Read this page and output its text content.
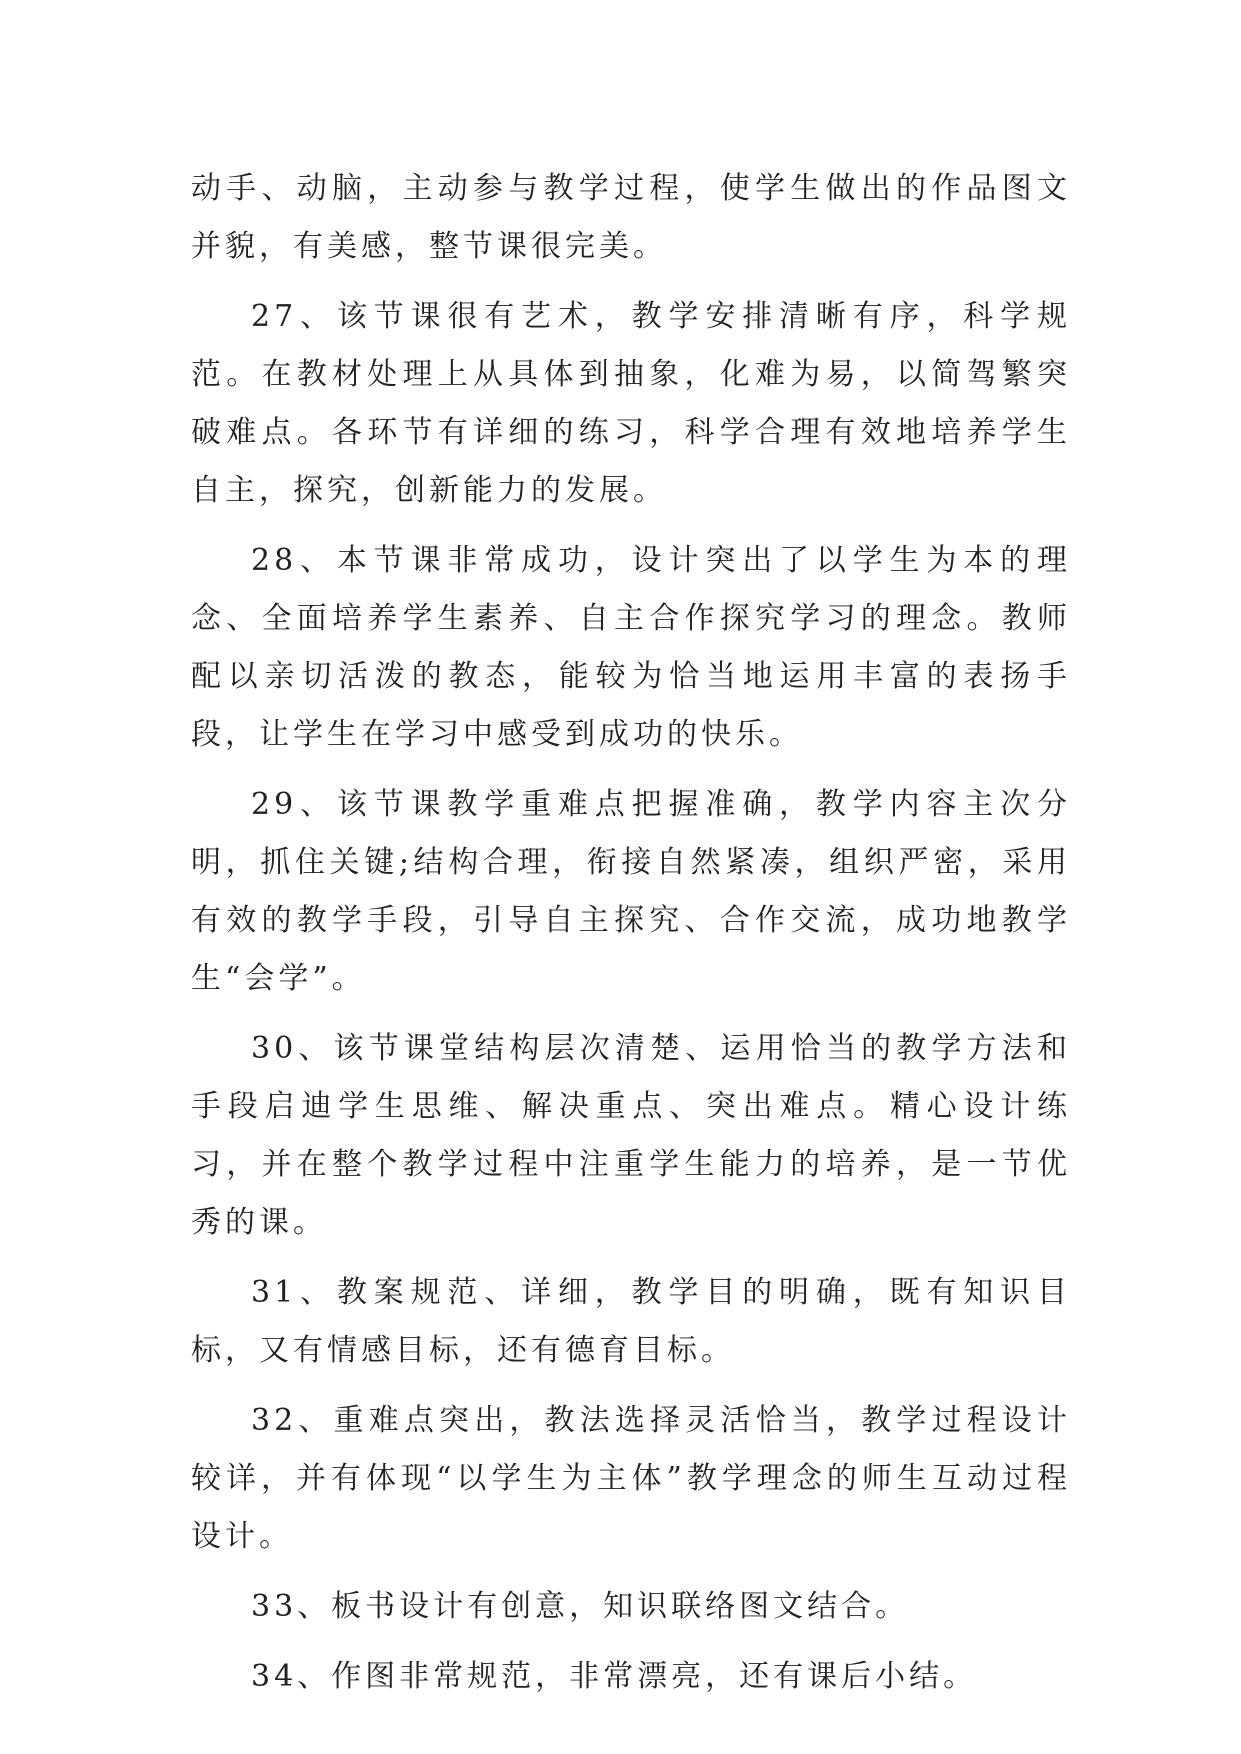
动手、动脑，主动参与教学过程，使学生做出的作品图文并貌，有美感，整节课很完美。

27、该节课很有艺术，教学安排清晰有序，科学规范。在教材处理上从具体到抽象，化难为易，以简驾繁突破难点。各环节有详细的练习，科学合理有效地培养学生自主，探究，创新能力的发展。

28、本节课非常成功，设计突出了以学生为本的理念、全面培养学生素养、自主合作探究学习的理念。教师配以亲切活泼的教态，能较为恰当地运用丰富的表扬手段，让学生在学习中感受到成功的快乐。

29、该节课教学重难点把握准确，教学内容主次分明，抓住关键;结构合理，衔接自然紧凑，组织严密，采用有效的教学手段，引导自主探究、合作交流，成功地教学生“会学”。

30、该节课堂结构层次清楚、运用恰当的教学方法和手段启迪学生思维、解决重点、突出难点。精心设计练习，并在整个教学过程中注重学生能力的培养，是一节优秀的课。

31、教案规范、详细，教学目的明确，既有知识目标，又有情感目标，还有德育目标。

32、重难点突出，教法选择灵活恰当，教学过程设计较详，并有体现“以学生为主体”教学理念的师生互动过程设计。

33、板书设计有创意，知识联络图文结合。

34、作图非常规范，非常漂亮，还有课后小结。
